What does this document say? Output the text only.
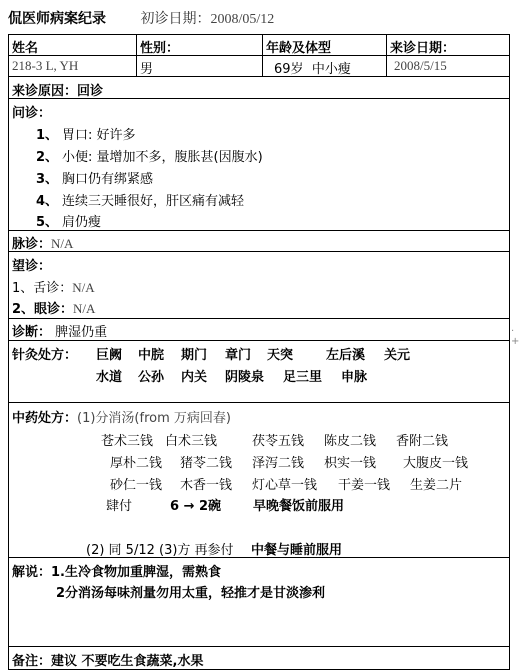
侃医师病案纪录 初诊日期：2008/05/12
姓名	性别：	年龄及体型	来诊日期：
218-3 L, YH	男	69岁 中小瘦	2008/5/15
来诊原因：回诊
问诊：
1、 胃口: 好许多
2、 小便: 量增加不多，腹胀甚(因腹水)
3、 胸口仍有绑紧感
4、 连续三天睡很好，肝区痛有减轻
5、 肩仍瘦
脉诊：N/A
望诊：
1、舌诊：N/A
2、眼诊：N/A
诊断： 脾湿仍重
针灸处方： 巨阙 中脘 期门 章门 天突	左后溪 关元
水道 公孙 内关 阴陵泉 足三里 申脉
中药处方：(1)分消汤(from 万病回春)
苍术三钱 白术三钱	茯苓五钱 陈皮二钱 香附二钱
厚朴二钱 猪苓二钱 泽泻二钱 枳实一钱 大腹皮一钱
砂仁一钱 木香一钱 灯心草一钱 干姜一钱 生姜二片
肆付	6 → 2碗 早晚餐饭前服用
(2) 同 5/12 (3)方 再参付 中餐与睡前服用
解说：1.生冷食物加重脾湿，需熟食
2分消汤每味剂量勿用太重，轻推才是甘淡渗利
备注：建议 不要吃生食蔬菜,水果
·
+
